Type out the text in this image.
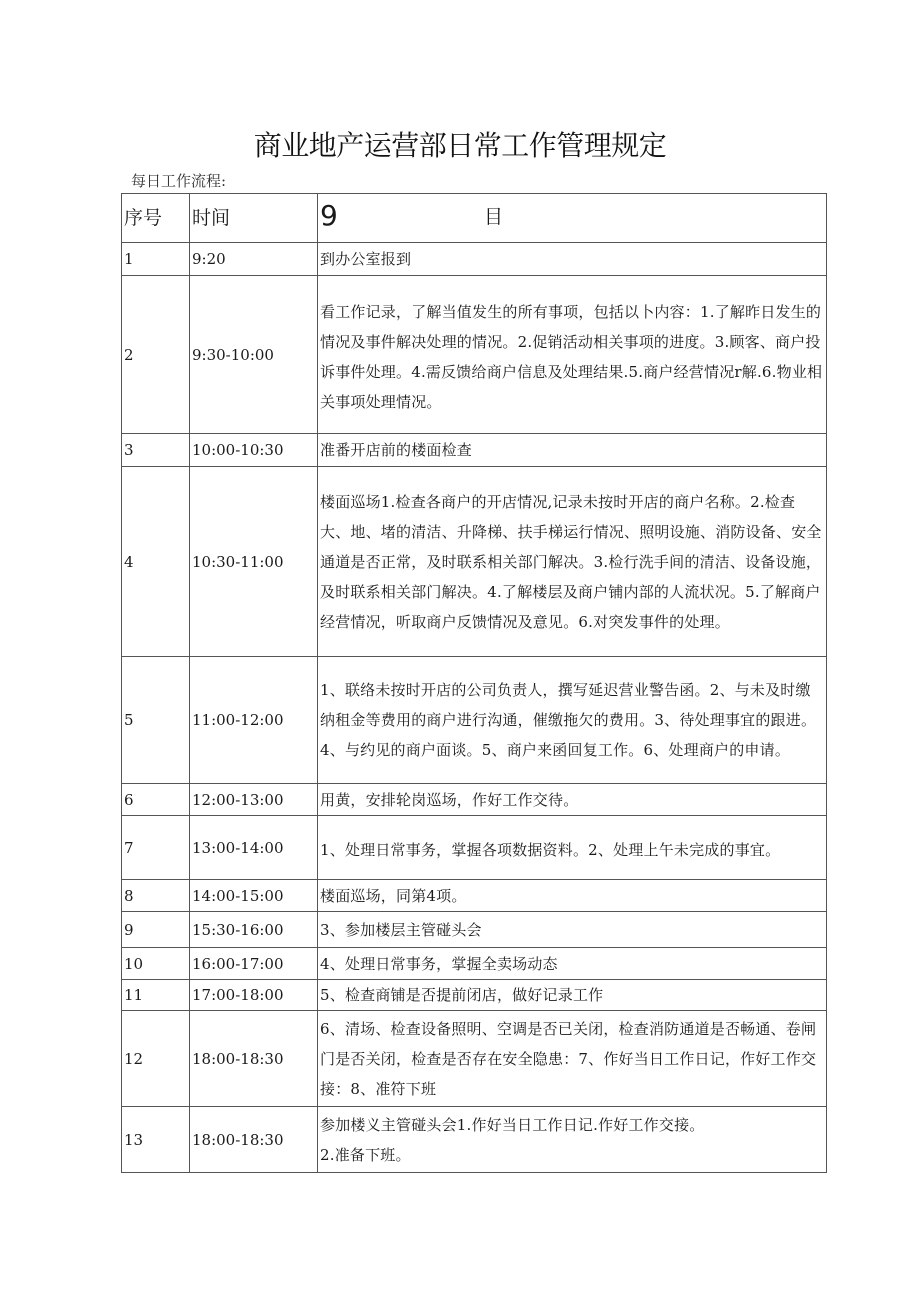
商业地产运营部日常工作管理规定
每日工作流程:
序号	时间	9 目

1	9:20	到办公室报到
2	9:30-10:00	看工作记录，了解当值发生的所有事项，包括以卜内容：1.了解昨日发生的情况及事件解决处理的情况。2.促销活动相关事项的进度。3.顾客、商户投诉事件处理。4.需反馈给商户信息及处理结果.5.商户经营情况r解.6.物业相关事项处理情况。
3	10:00-10:30	准番开店前的楼面检查
4	10:30-11:00	楼面巡场1.检查各商户的开店情况,记录未按时开店的商户名称。2.检查大、地、堵的清洁、升降梯、扶手梯运行情况、照明设施、消防设备、安全通道是否正常，及时联系相关部门解决。3.检行洗手间的清洁、设备设施，及时联系相关部门解决。4.了解楼层及商户铺内部的人流状况。5.了解商户经营情况，听取商户反馈情况及意见。6.对突发事件的处理。
5	11:00-12:00	1、联络未按时开店的公司负责人，撰写延迟营业警告函。2、与未及时缴纳租金等费用的商户进行沟通，催缴拖欠的费用。3、待处理事宜的跟进。4、与约见的商户面谈。5、商户来函回复工作。6、处理商户的申请。
6	12:00-13:00	用黄，安排轮岗巡场，作好工作交待。
7	13:00-14:00	1、处理日常事务，掌握各项数据资料。2、处理上午未完成的事宜。
8	14:00-15:00	楼面巡场，同第4项。
9	15:30-16:00	3、参加楼层主管碰头会
10	16:00-17:00	4、处理日常事务，掌握全卖场动态
11	17:00-18:00	5、检查商铺是否提前闭店，做好记录工作
12	18:00-18:30	6、清场、检查设备照明、空调是否已关闭，检查消防通道是否畅通、卷闸门是否关闭，检查是否存在安全隐患：7、作好当日工作日记，作好工作交接：8、准符下班
13	18:00-18:30	参加楼义主管碰头会1.作好当日工作日记.作好工作交接。
2.准备下班。
